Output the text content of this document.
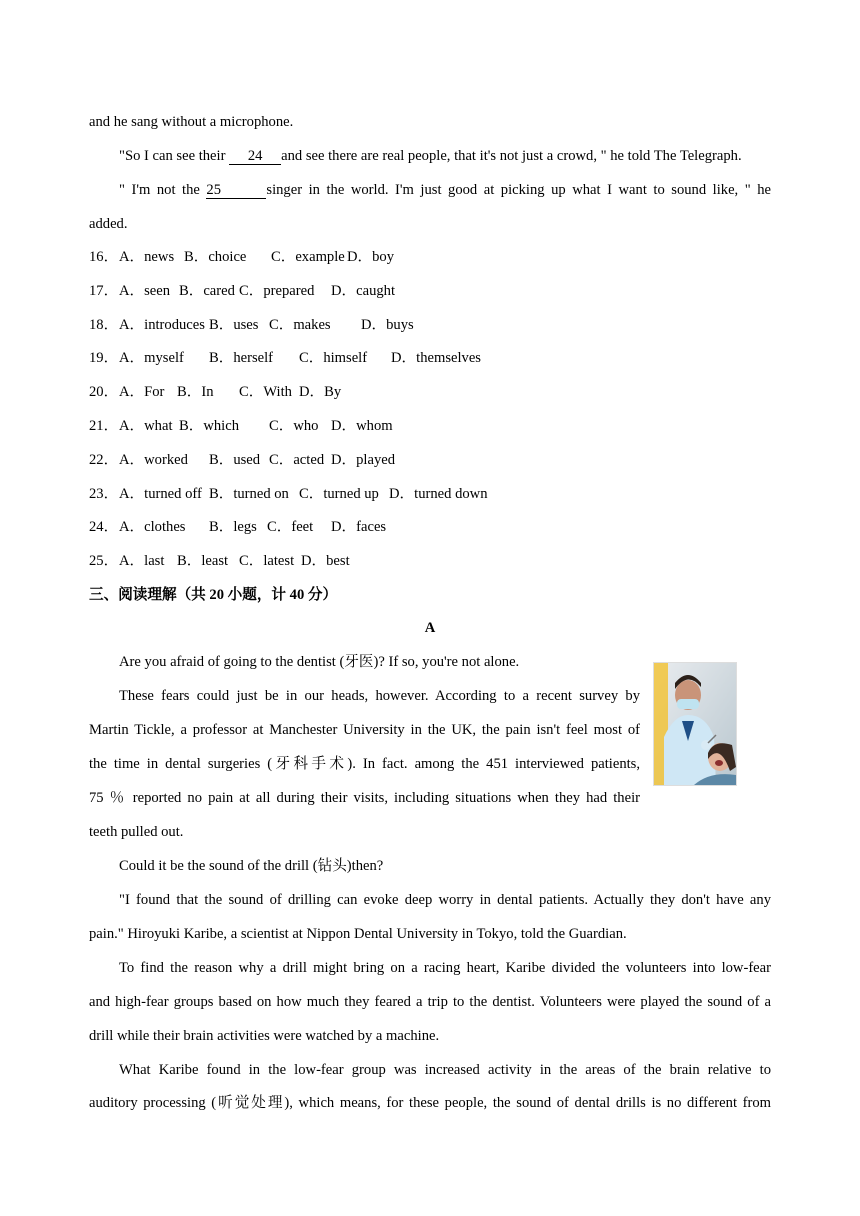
and he sang without a microphone.
"So I can see their 24 and see there are real people, that it's not just a crowd, " he told The Telegraph.
" I'm not the 25	singer in the world. I'm just good at picking up what I want to sound like, " he
added.
16． A．news B．choice C．example D．boy
17． A．seen B．cared C．prepared D．caught
18． A．introduces B．uses C．makes D．buys
19． A．myself B．herself C．himself D．themselves
20． A．For B．In C．With D．By
21． A．what B．which C．who D．whom
22． A．worked B．used C．acted D．played
23． A．turned off B．turned on C．turned up D．turned down
24． A．clothes B．legs C．feet D．faces
25． A．last B．least C．latest D．best
三、阅读理解（共 20 小题，计 40 分）
A
Are you afraid of going to the dentist (牙医)? If so, you're not alone.
These fears could just be in our heads, however. According to a recent survey by
Martin Tickle, a professor at Manchester University in the UK, the pain isn't feel most of
the time in dental surgeries (牙科手术). In fact. among the 451 interviewed patients,
75 ％ reported no pain at all during their visits, including situations when they had their
teeth pulled out.
Could it be the sound of the drill (钻头)then?
"I found that the sound of drilling can evoke deep worry in dental patients. Actually they don't have any
pain." Hiroyuki Karibe, a scientist at Nippon Dental University in Tokyo, told the Guardian.
To find the reason why a drill might bring on a racing heart, Karibe divided the volunteers into low-fear
and high-fear groups based on how much they feared a trip to the dentist. Volunteers were played the sound of a
drill while their brain activities were watched by a machine.
What Karibe found in the low-fear group was increased activity in the areas of the brain relative to
auditory processing (听觉处理), which means, for these people, the sound of dental drills is no different from
